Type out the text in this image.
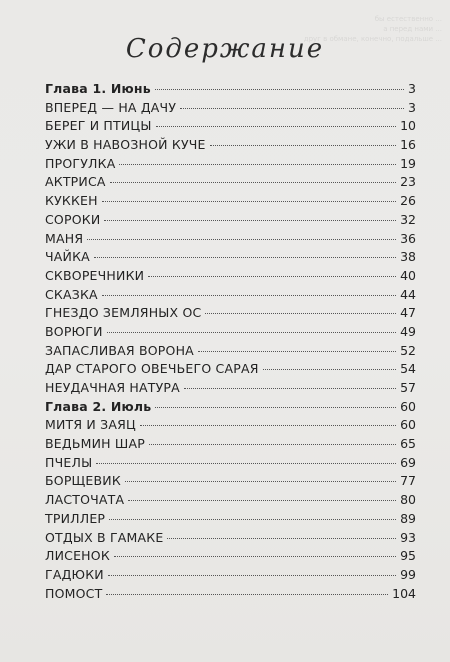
бы естественно ...
а перед нами ...
друг в обмане, конечно, подальше ...
Содержание
Глава 1. Июнь	3
ВПЕРЕД — НА ДАЧУ	3
БЕРЕГ И ПТИЦЫ	10
УЖИ В НАВОЗНОЙ КУЧЕ	16
ПРОГУЛКА	19
АКТРИСА	23
КУККЕН	26
СОРОКИ	32
МАНЯ	36
ЧАЙКА	38
СКВОРЕЧНИКИ	40
СКАЗКА	44
ГНЕЗДО ЗЕМЛЯНЫХ ОС	47
ВОРЮГИ	49
ЗАПАСЛИВАЯ ВОРОНА	52
ДАР СТАРОГО ОВЕЧЬЕГО САРАЯ	54
НЕУДАЧНАЯ НАТУРА	57
Глава 2. Июль	60
МИТЯ И ЗАЯЦ	60
ВЕДЬМИН ШАР	65
ПЧЕЛЫ	69
БОРЩЕВИК	77
ЛАСТОЧАТА	80
ТРИЛЛЕР	89
ОТДЫХ В ГАМАКЕ	93
ЛИСЕНОК	95
ГАДЮКИ	99
ПОМОСТ	104
